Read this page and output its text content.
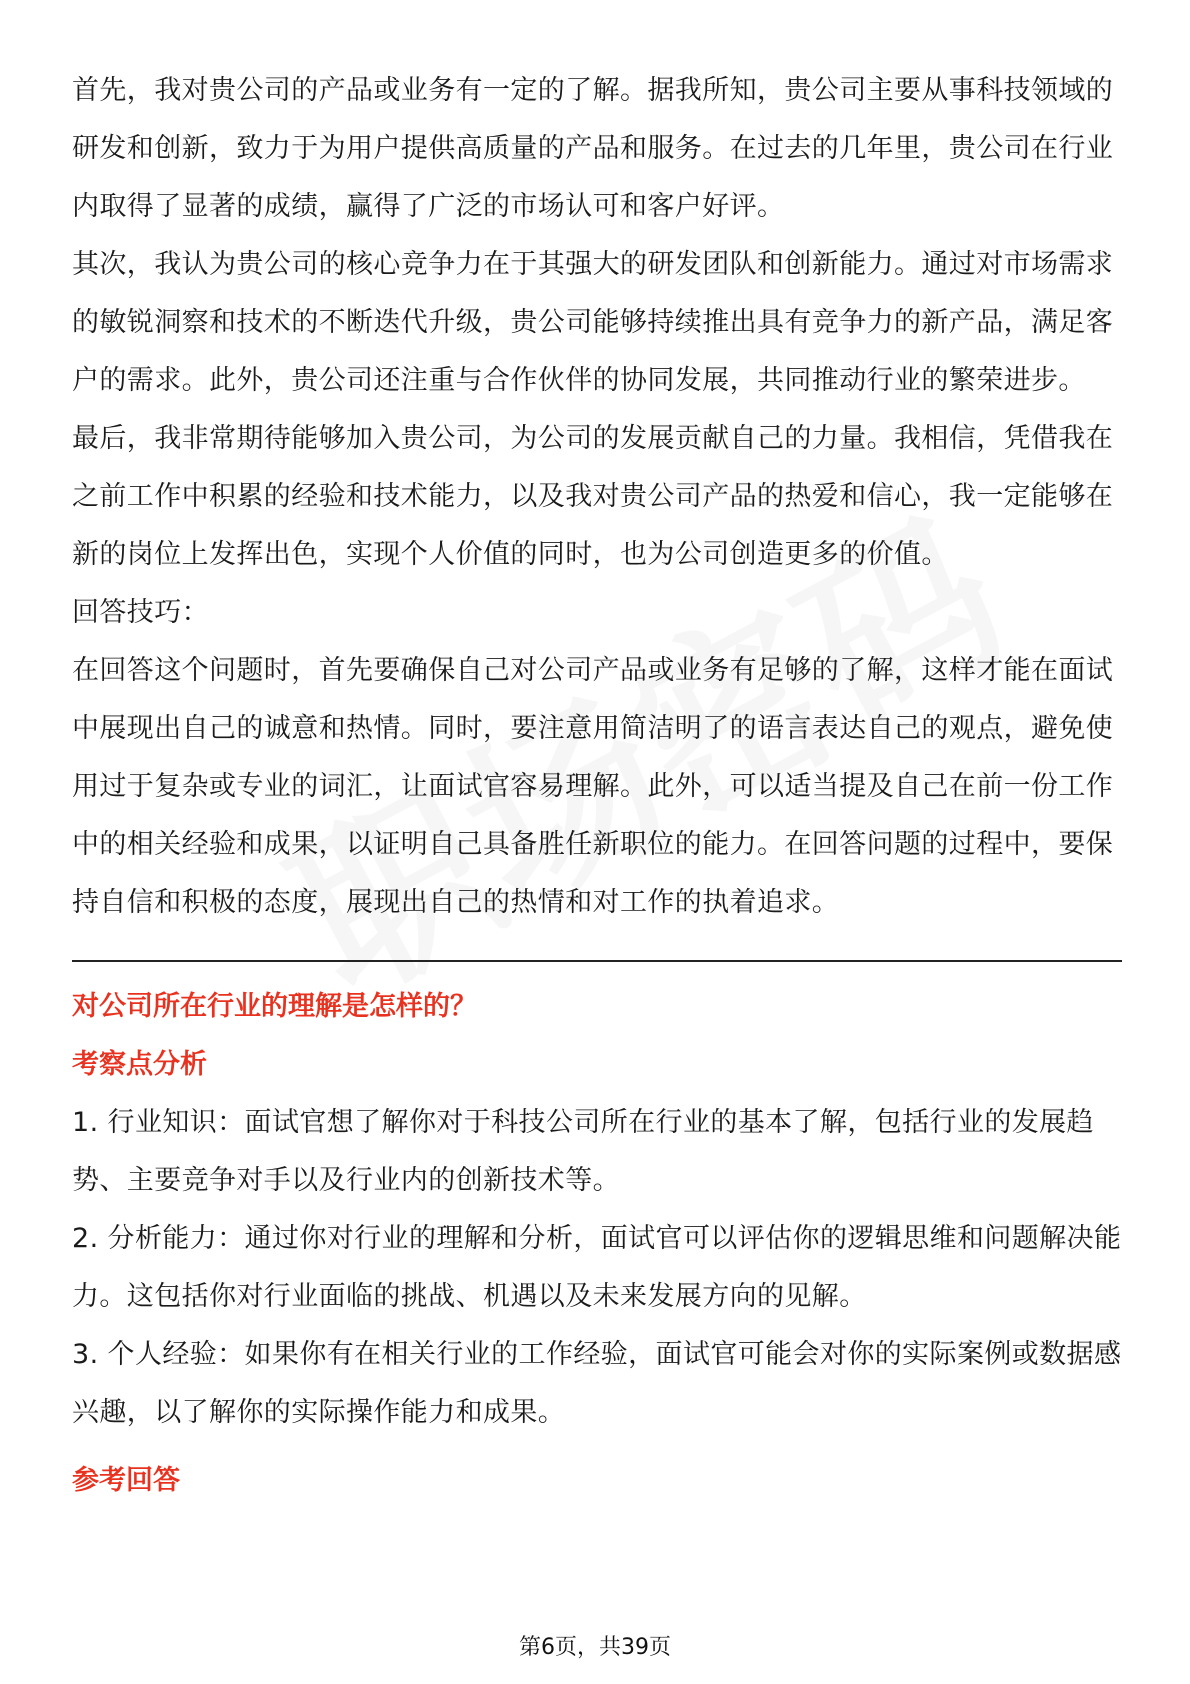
首先，我对贵公司的产品或业务有一定的了解。据我所知，贵公司主要从事科技领域的研发和创新，致力于为用户提供高质量的产品和服务。在过去的几年里，贵公司在行业内取得了显著的成绩，赢得了广泛的市场认可和客户好评。

其次，我认为贵公司的核心竞争力在于其强大的研发团队和创新能力。通过对市场需求的敏锐洞察和技术的不断迭代升级，贵公司能够持续推出具有竞争力的新产品，满足客户的需求。此外，贵公司还注重与合作伙伴的协同发展，共同推动行业的繁荣进步。

最后，我非常期待能够加入贵公司，为公司的发展贡献自己的力量。我相信，凭借我在之前工作中积累的经验和技术能力，以及我对贵公司产品的热爱和信心，我一定能够在新的岗位上发挥出色，实现个人价值的同时，也为公司创造更多的价值。

回答技巧：

在回答这个问题时，首先要确保自己对公司产品或业务有足够的了解，这样才能在面试中展现出自己的诚意和热情。同时，要注意用简洁明了的语言表达自己的观点，避免使用过于复杂或专业的词汇，让面试官容易理解。此外，可以适当提及自己在前一份工作中的相关经验和成果，以证明自己具备胜任新职位的能力。在回答问题的过程中，要保持自信和积极的态度，展现出自己的热情和对工作的执着追求。

对公司所在行业的理解是怎样的？

考察点分析

1. 行业知识：面试官想了解你对于科技公司所在行业的基本了解，包括行业的发展趋势、主要竞争对手以及行业内的创新技术等。

2. 分析能力：通过你对行业的理解和分析，面试官可以评估你的逻辑思维和问题解决能力。这包括你对行业面临的挑战、机遇以及未来发展方向的见解。

3. 个人经验：如果你有在相关行业的工作经验，面试官可能会对你的实际案例或数据感兴趣，以了解你的实际操作能力和成果。

参考回答

第6页，共39页
